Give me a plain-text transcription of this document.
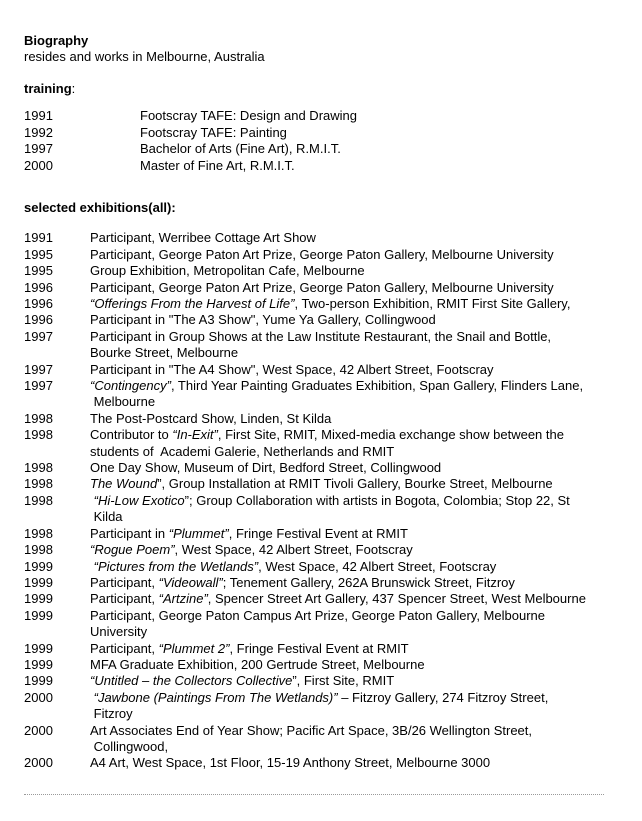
Biography
resides and works in Melbourne, Australia
training:
1991	Footscray TAFE: Design and Drawing
1992	Footscray TAFE: Painting
1997	Bachelor of Arts (Fine Art), R.M.I.T.
2000	Master of Fine Art, R.M.I.T.
selected exhibitions(all):
1991	Participant, Werribee Cottage Art Show
1995	Participant, George Paton Art Prize, George Paton Gallery, Melbourne University
1995	Group Exhibition, Metropolitan Cafe, Melbourne
1996	Participant, George Paton Art Prize, George Paton Gallery, Melbourne University
1996	“Offerings From the Harvest of Life”, Two-person Exhibition, RMIT First Site Gallery,
1996	Participant in "The A3 Show", Yume Ya Gallery, Collingwood
1997	Participant in Group Shows at the Law Institute Restaurant, the Snail and Bottle,
Bourke Street, Melbourne
1997	Participant in "The A4 Show", West Space, 42 Albert Street, Footscray
1997	“Contingency”, Third Year Painting Graduates Exhibition, Span Gallery, Flinders Lane,
Melbourne
1998	The Post-Postcard Show, Linden, St Kilda
1998	Contributor to “In-Exit”, First Site, RMIT, Mixed-media exchange show between the
students of  Academi Galerie, Netherlands and RMIT
1998	One Day Show, Museum of Dirt, Bedford Street, Collingwood
1998	The Wound”, Group Installation at RMIT Tivoli Gallery, Bourke Street, Melbourne
1998	“Hi-Low Exotico”; Group Collaboration with artists in Bogota, Colombia; Stop 22, St
Kilda
1998	Participant in “Plummet”, Fringe Festival Event at RMIT
1998	“Rogue Poem”, West Space, 42 Albert Street, Footscray
1999	“Pictures from the Wetlands”, West Space, 42 Albert Street, Footscray
1999	Participant, “Videowall”; Tenement Gallery, 262A Brunswick Street, Fitzroy
1999	Participant, “Artzine”, Spencer Street Art Gallery, 437 Spencer Street, West Melbourne
1999	Participant, George Paton Campus Art Prize, George Paton Gallery, Melbourne
University
1999	Participant, “Plummet 2”, Fringe Festival Event at RMIT
1999	MFA Graduate Exhibition, 200 Gertrude Street, Melbourne
1999	“Untitled – the Collectors Collective”, First Site, RMIT
2000	“Jawbone (Paintings From The Wetlands)” – Fitzroy Gallery, 274 Fitzroy Street,
Fitzroy
2000	Art Associates End of Year Show; Pacific Art Space, 3B/26 Wellington Street,
Collingwood,
2000	A4 Art, West Space, 1st Floor, 15-19 Anthony Street, Melbourne 3000
